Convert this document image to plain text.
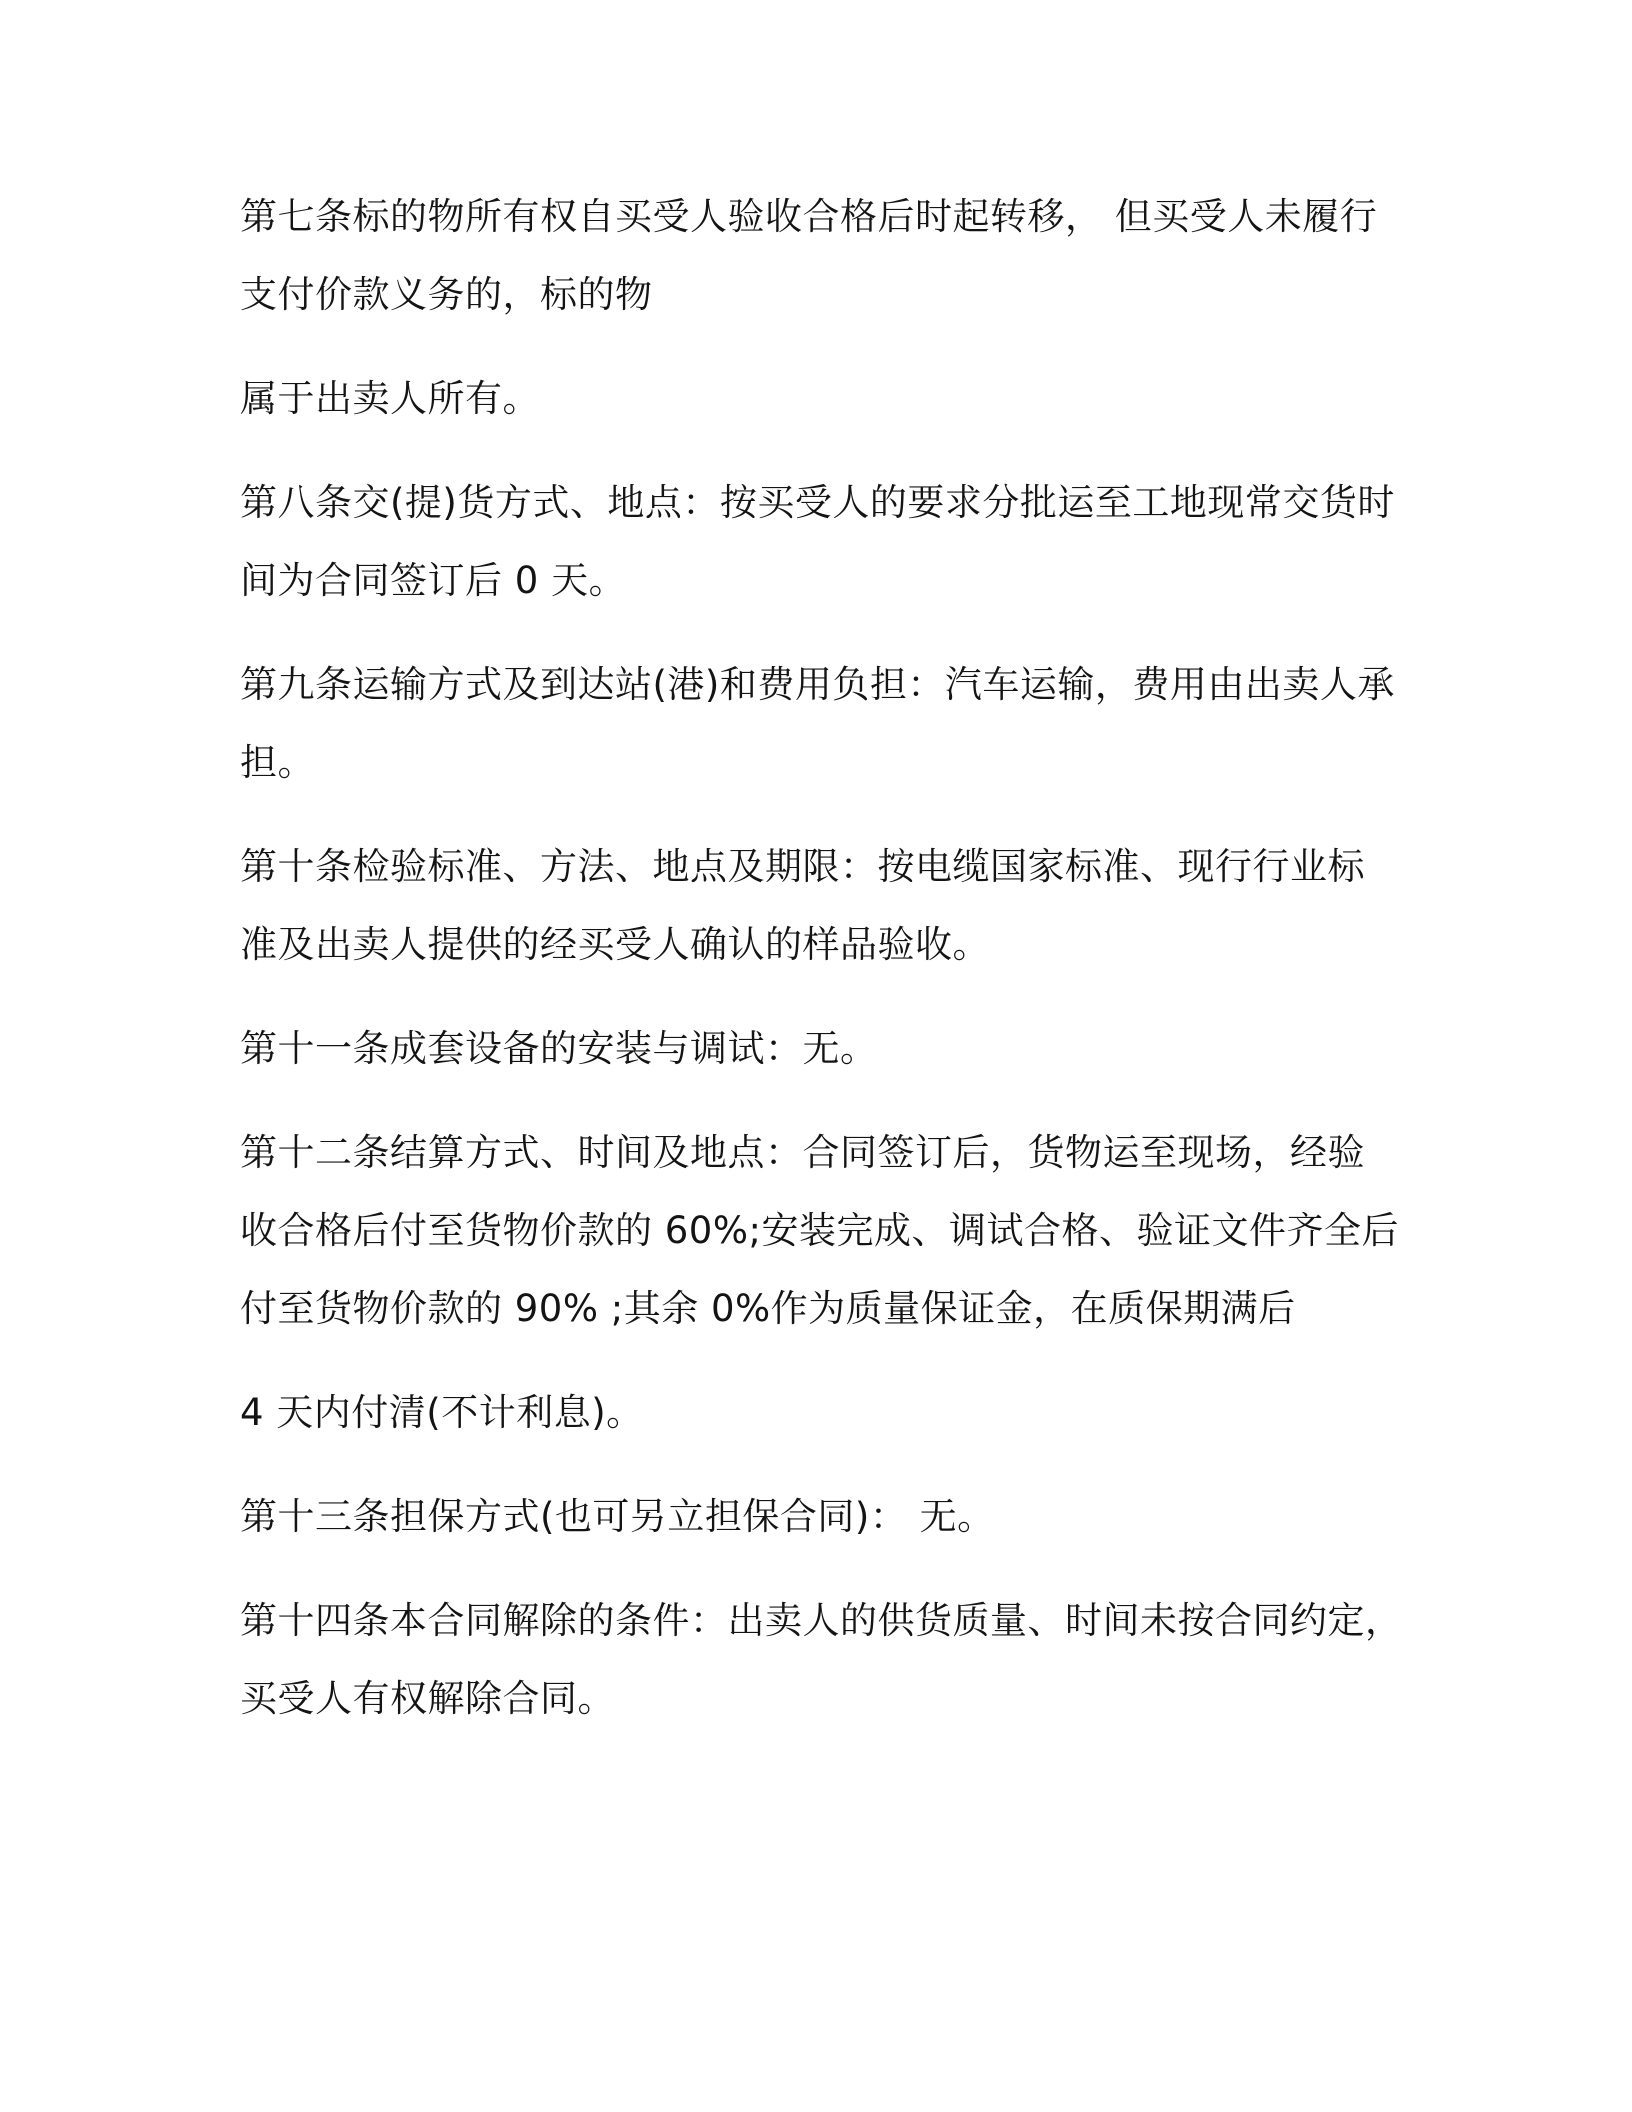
第七条标的物所有权自买受人验收合格后时起转移， 但买受人未履行
支付价款义务的，标的物

属于出卖人所有。

第八条交(提)货方式、地点：按买受人的要求分批运至工地现常交货时
间为合同签订后 0 天。

第九条运输方式及到达站(港)和费用负担：汽车运输，费用由出卖人承
担。

第十条检验标准、方法、地点及期限：按电缆国家标准、现行行业标
准及出卖人提供的经买受人确认的样品验收。

第十一条成套设备的安装与调试：无。

第十二条结算方式、时间及地点：合同签订后，货物运至现场，经验
收合格后付至货物价款的 60%;安装完成、调试合格、验证文件齐全后
付至货物价款的 90% ;其余 0%作为质量保证金，在质保期满后

4 天内付清(不计利息)。

第十三条担保方式(也可另立担保合同)： 无。

第十四条本合同解除的条件：出卖人的供货质量、时间未按合同约定，
买受人有权解除合同。
